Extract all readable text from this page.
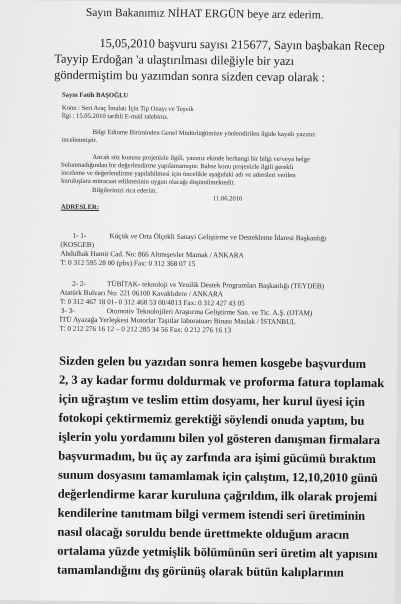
Sayın Bakanımız NİHAT ERGÜN beye arz ederim.
15,05,2010 başvuru sayısı 215677, Sayın başbakan Recep
Tayyip Erdoğan 'a ulaştırılması dileğiyle bir yazı
göndermiştim bu yazımdan sonra sizden cevap olarak :
Sayın Fatih BAŞOĞLU
Konu : Seri Araç İmalatı İçin Tip Onayı ve Teşvik
İlgi : 15.05.2010 tarihli E-mail talebiniz.
Bilgi Edinme Biriminden Genel Müdürlüğümüze yönlendirilen ilgide kayıtlı yazınız
incelenmiştir.
Ancak söz konusu projenizle ilgili, yazınız ekinde herhangi bir bilgi ve/veya belge
bulunmadığından bir değerlendirme yapılamamıştır. Bahse konu projenizle ilgili gerekli
inceleme ve değerlendirme yapılabilmesi için öncelikle aşağıdaki adı ve adresleri verilen
kuruluşlara müracaat edilmesinin uygun olacağı düşünülmektedir.
Bilgilerinizi rica ederim.
11.06.2010
ADRESLER:
1- 1-	Küçük ve Orta Ölçekli Sanayi Geliştirme ve Destekleme İdaresi Başkanlığı
(KOSGEB)
Abdulhak Hamit Cad. No: 866 Altmışevler Mamak / ANKARA
T: 0 312 595 28 00 (pbx) Fax: 0 312 368 07 15
2- 2-	TÜBİTAK- teknoloji ve Yenilik Destek Programları Başkanlığı (TEYDEB)
Atatürk Bulvarı No: 221 06100 Kavaklıdere / ANKARA
T: 0 312 467 18 01- 0 312 468 53 00/4813 Fax: 0 312 427 43 05
3- 3-	Otomotiv Teknolojileri Araştırma Geliştirme San. ve Tic. A.Ş. (OTAM)
İTÜ Ayazağa Yerleşkesi Motorlar Taşıtlar laboratuarı Binası Maslak / İSTANBUL
T: 0 212 276 16 12 – 0 212 285 34 56 Fax: 0 212 276 16 13
Sizden gelen bu yazıdan sonra hemen kosgebe başvurdum
2, 3 ay kadar formu doldurmak ve proforma fatura toplamak
için uğraştım ve teslim ettim dosyamı, her kurul üyesi için
fotokopi çektirmemiz gerektiği söylendi onuda yaptım, bu
işlerin yolu yordamını bilen yol gösteren danışman firmalara
başvurmadım, bu üç ay zarfında ara işimi gücümü bıraktım
sunum dosyasını tamamlamak için çalıştım, 12,10,2010 günü
değerlendirme karar kuruluna çağrıldım, ilk olarak projemi
kendilerine tanıtmam bilgi vermem istendi seri üretiminin
nasıl olacağı soruldu bende ürettmekte olduğum aracın
ortalama yüzde yetmişlik bölümünün seri üretim alt yapısını
tamamlandığını dış görünüş olarak bütün kalıplarının
